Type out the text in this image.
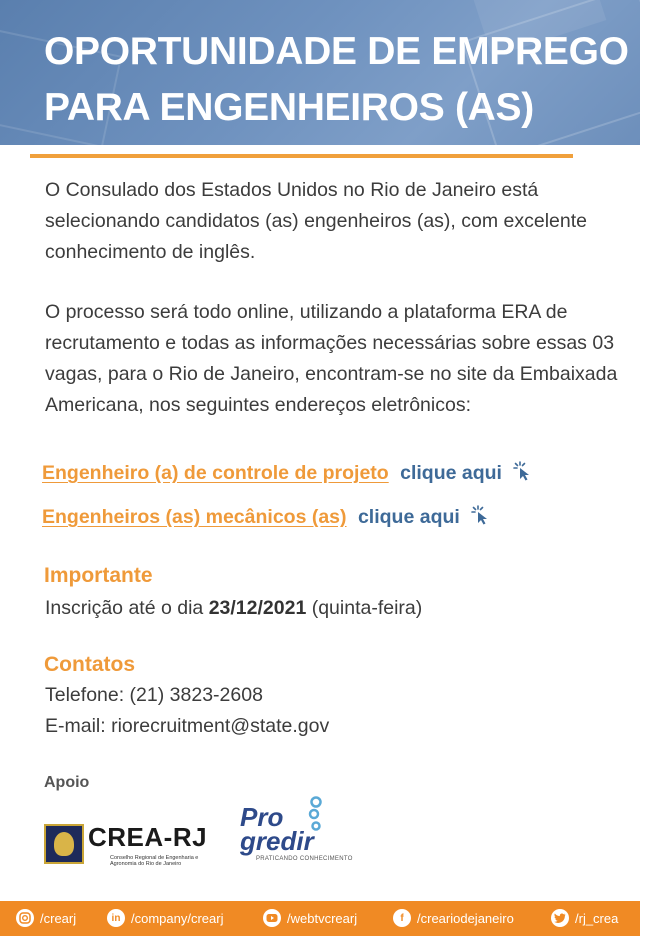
OPORTUNIDADE DE EMPREGO
PARA ENGENHEIROS (AS)

O Consulado dos Estados Unidos no Rio de Janeiro está selecionando candidatos (as) engenheiros (as), com excelente conhecimento de inglês.

O processo será todo online, utilizando a plataforma ERA de recrutamento e todas as informações necessárias sobre essas 03 vagas, para o Rio de Janeiro, encontram-se no site da Embaixada Americana, nos seguintes endereços eletrônicos:

Engenheiro (a) de controle de projeto clique aqui
Engenheiros (as) mecânicos (as) clique aqui
Importante
Inscrição até o dia 23/12/2021 (quinta-feira)
Contatos
Telefone: (21) 3823-2608
E-mail: riorecruitment@state.gov
Apoio
CREA-RJ
Conselho Regional de Engenharia e Agronomia do Rio de Janeiro
Pro
gredir
PRATICANDO CONHECIMENTO
/crearj	in /company/crearj	/webtvcrearj	f	/creariodejaneiro	/rj_crea
